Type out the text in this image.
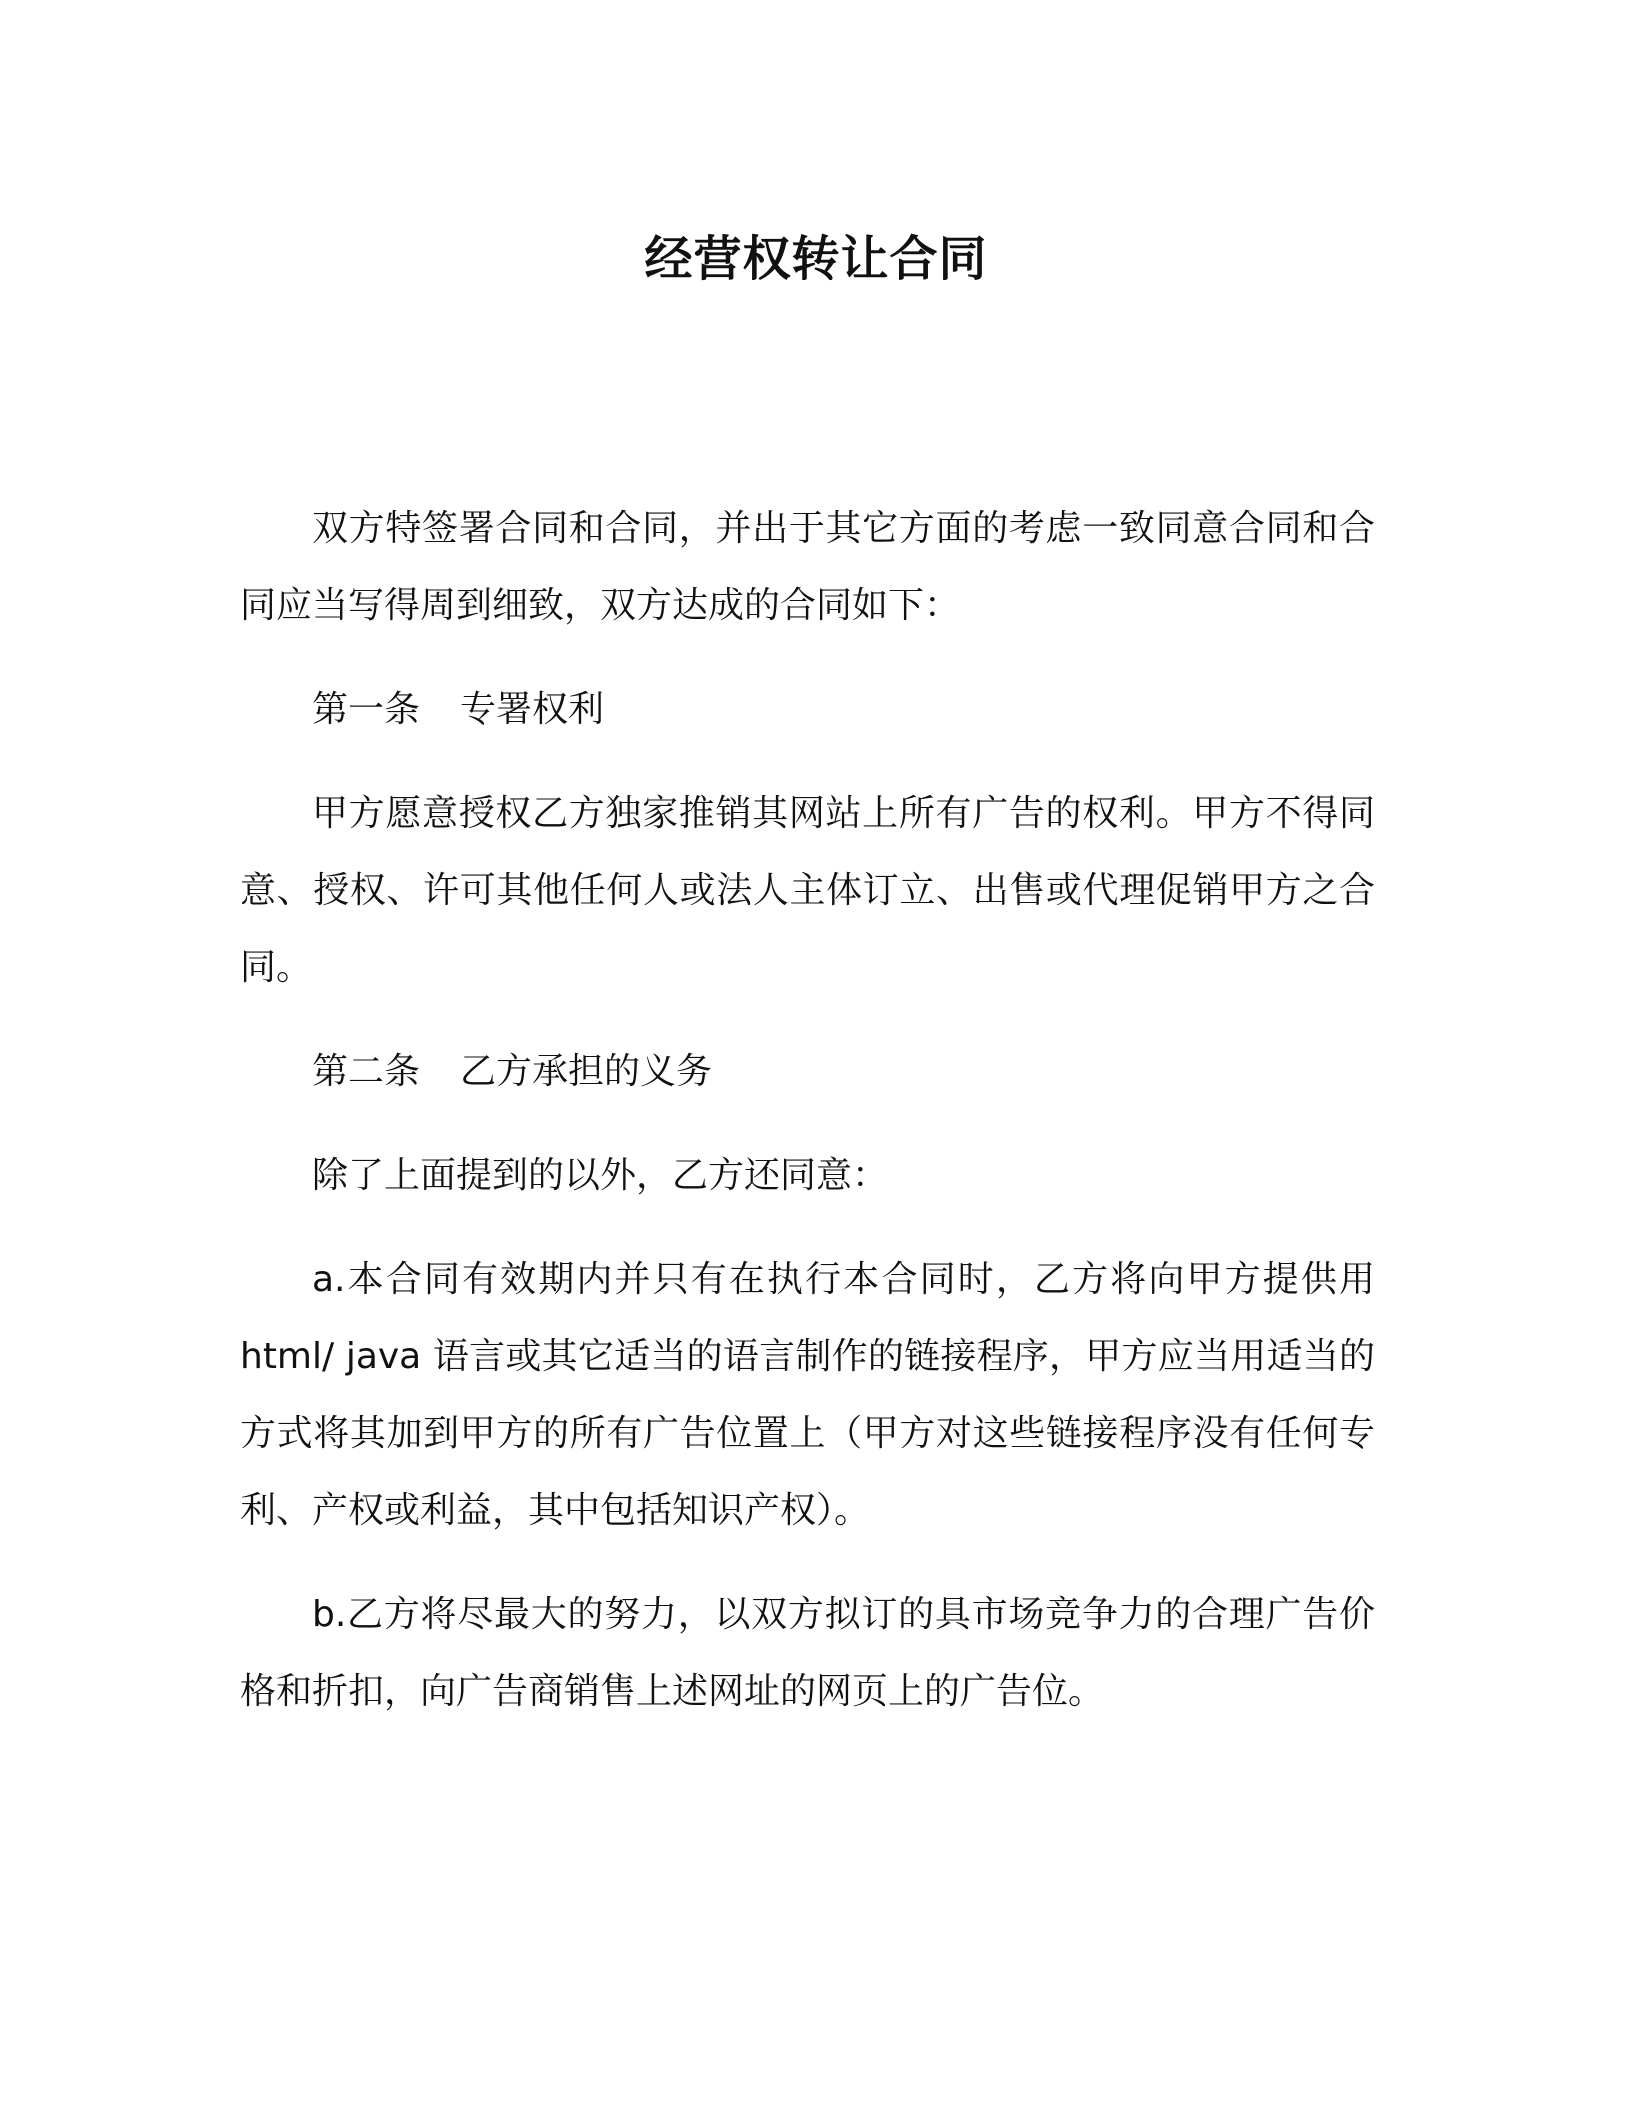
经营权转让合同

双方特签署合同和合同，并出于其它方面的考虑一致同意合同和合同应当写得周到细致，双方达成的合同如下：

第一条 专署权利

甲方愿意授权乙方独家推销其网站上所有广告的权利。甲方不得同意、授权、许可其他任何人或法人主体订立、出售或代理促销甲方之合同。

第二条 乙方承担的义务

除了上面提到的以外，乙方还同意：

a.本合同有效期内并只有在执行本合同时，乙方将向甲方提供用html/ java 语言或其它适当的语言制作的链接程序，甲方应当用适当的方式将其加到甲方的所有广告位置上（甲方对这些链接程序没有任何专利、产权或利益，其中包括知识产权）。

b.乙方将尽最大的努力，以双方拟订的具市场竞争力的合理广告价格和折扣，向广告商销售上述网址的网页上的广告位。
